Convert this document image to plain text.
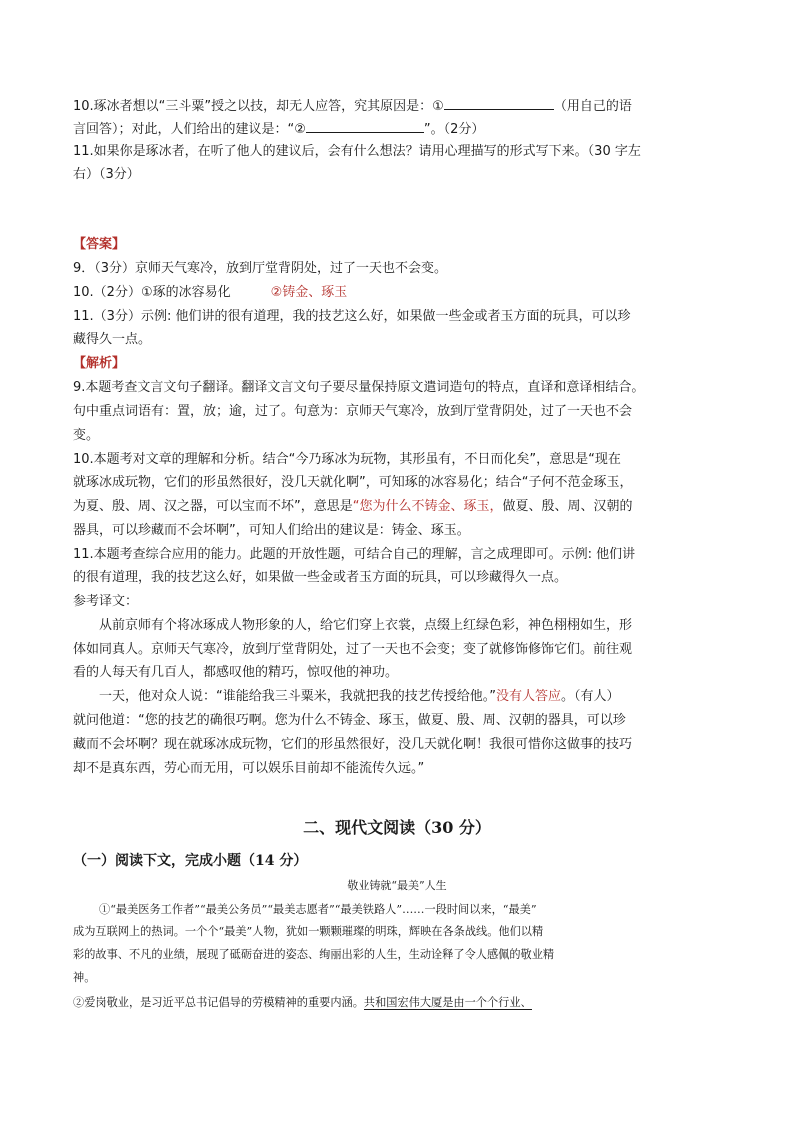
10.琢冰者想以“三斗粟”授之以技，却无人应答，究其原因是：①	（用自己的语
言回答）；对此，人们给出的建议是：“②	”。（2分）
11.如果你是琢冰者，在听了他人的建议后，会有什么想法？请用心理描写的形式写下来。（30 字左
右）（3分）
【答案】
9．（3分）京师天气寒冷，放到厅堂背阴处，过了一天也不会变。
10.（2分）①琢的冰容易化	②铸金、琢玉
11.（3分）示例: 他们讲的很有道理，我的技艺这么好，如果做一些金或者玉方面的玩具，可以珍
藏得久一点。
【解析】
9.本题考查文言文句子翻译。翻译文言文句子要尽量保持原文遣词造句的特点，直译和意译相结合。
句中重点词语有：置，放；逾，过了。句意为：京师天气寒冷，放到厅堂背阴处，过了一天也不会
变。
10.本题考对文章的理解和分析。结合“今乃琢冰为玩物，其形虽有，不日而化矣”，意思是“现在
就琢冰成玩物，它们的形虽然很好，没几天就化啊”，可知琢的冰容易化；结合“子何不范金琢玉，
为夏、殷、周、汉之器，可以宝而不坏”，意思是“您为什么不铸金、琢玉，做夏、殷、周、汉朝的
器具，可以珍藏而不会坏啊”，可知人们给出的建议是：铸金、琢玉。
11.本题考查综合应用的能力。此题的开放性题，可结合自己的理解，言之成理即可。示例: 他们讲
的很有道理，我的技艺这么好，如果做一些金或者玉方面的玩具，可以珍藏得久一点。
参考译文：
从前京师有个将冰琢成人物形象的人，给它们穿上衣裳，点缀上红绿色彩，神色栩栩如生，形
体如同真人。京师天气寒冷，放到厅堂背阴处，过了一天也不会变；变了就修饰修饰它们。前往观
看的人每天有几百人，都感叹他的精巧，惊叹他的神功。
一天，他对众人说：“谁能给我三斗粟米，我就把我的技艺传授给他。”没有人答应。（有人）
就问他道：“您的技艺的确很巧啊。您为什么不铸金、琢玉，做夏、殷、周、汉朝的器具，可以珍
藏而不会坏啊？现在就琢冰成玩物，它们的形虽然很好，没几天就化啊！我很可惜你这做事的技巧
却不是真东西，劳心而无用，可以娱乐目前却不能流传久远。”
二、现代文阅读（30 分）
（一）阅读下文，完成小题（14 分）
敬业铸就“最美”人生
①“最美医务工作者”“最美公务员”“最美志愿者”“最美铁路人”……一段时间以来，“最美”
成为互联网上的热词。一个个“最美”人物，犹如一颗颗璀璨的明珠，辉映在各条战线。他们以精
彩的故事、不凡的业绩，展现了砥砺奋进的姿态、绚丽出彩的人生，生动诠释了令人感佩的敬业精
神。
②爱岗敬业，是习近平总书记倡导的劳模精神的重要内涵。共和国宏伟大厦是由一个个行业、
